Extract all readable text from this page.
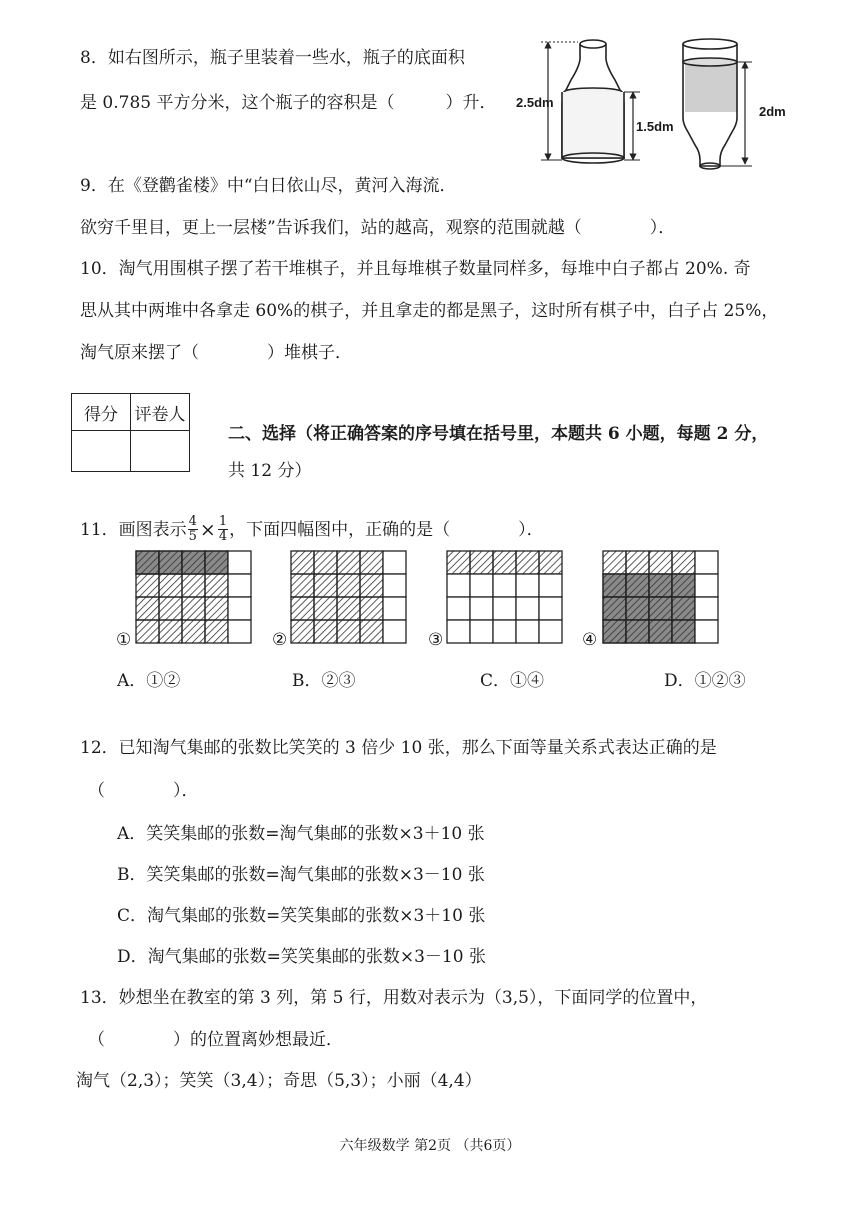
8．如右图所示，瓶子里装着一些水，瓶子的底面积
是 0.785 平方分米，这个瓶子的容积是（　　　）升． 2.5dm
1.5dm
2dm
9．在《登鹳雀楼》中“白日依山尽，黄河入海流．
欲穷千里目，更上一层楼”告诉我们，站的越高，观察的范围就越（　　　　）．
10．淘气用围棋子摆了若干堆棋子，并且每堆棋子数量同样多，每堆中白子都占 20%. 奇
思从其中两堆中各拿走 60%的棋子，并且拿走的都是黑子，这时所有棋子中，白子占 25%，
淘气原来摆了（　　　　）堆棋子．
得分	评卷人

二、选择（将正确答案的序号填在括号里，本题共 6 小题，每题 2 分，
共 12 分）
11．画图表示 $\frac{4}{5} \times \frac{1}{4}$ ，下面四幅图中，正确的是（　　　　）．
①	②	③	④
A．①②	B．②③	C．①④	D．①②③
12．已知淘气集邮的张数比笑笑的 3 倍少 10 张，那么下面等量关系式表达正确的是
（　　　　）．
A．笑笑集邮的张数=淘气集邮的张数×3＋10 张
B．笑笑集邮的张数=淘气集邮的张数×3－10 张
C．淘气集邮的张数=笑笑集邮的张数×3＋10 张
D．淘气集邮的张数=笑笑集邮的张数×3－10 张
13．妙想坐在教室的第 3 列，第 5 行，用数对表示为（3,5），下面同学的位置中，
（　　　　）的位置离妙想最近．
淘气（2,3）；笑笑（3,4）；奇思（5,3）；小丽（4,4）
六年级数学 第2页 （共6页）
